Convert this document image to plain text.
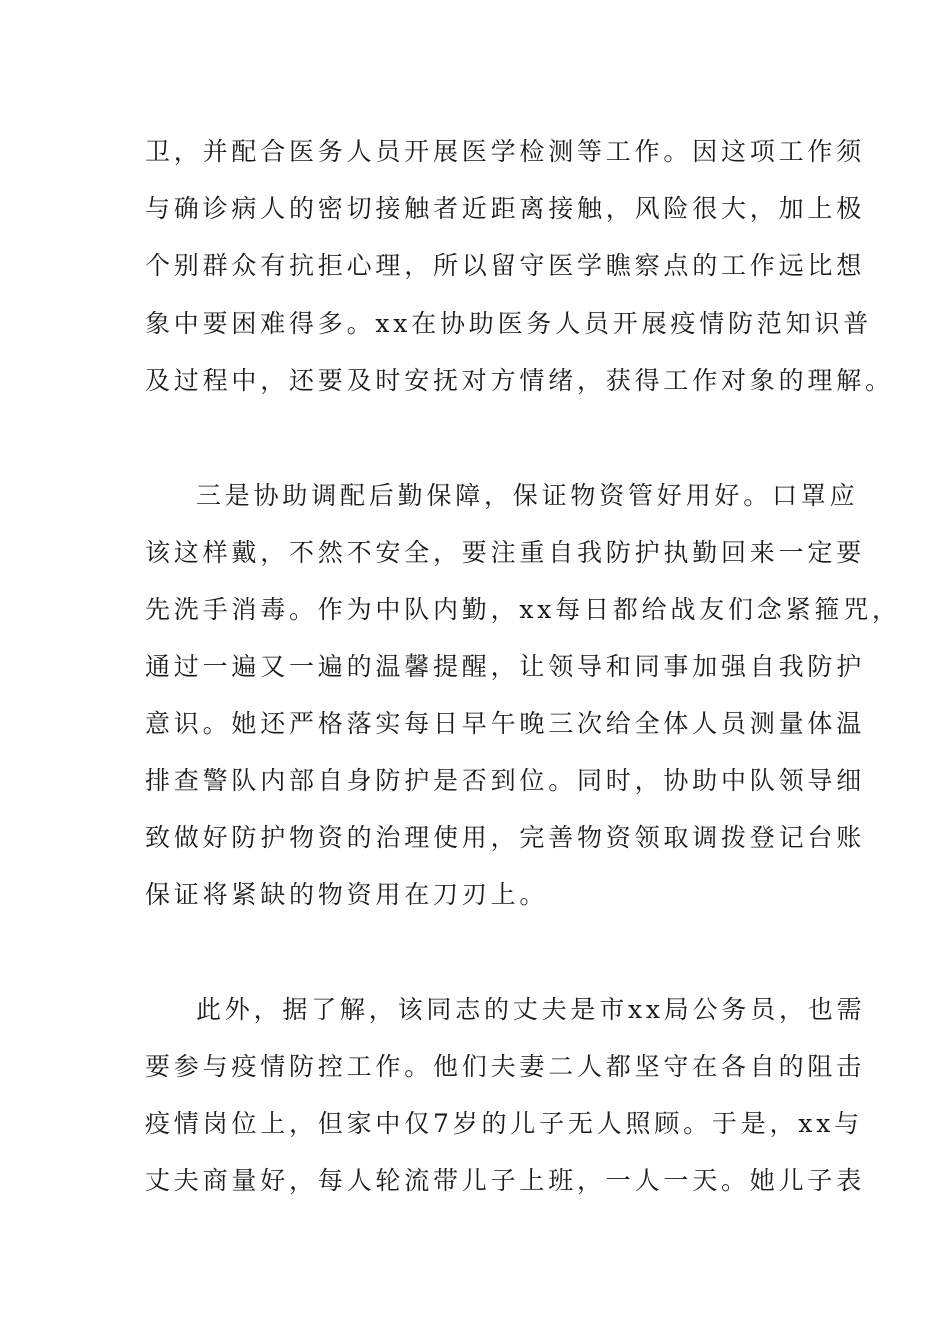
卫，并配合医务人员开展医学检测等工作。因这项工作须
与确诊病人的密切接触者近距离接触，风险很大，加上极
个别群众有抗拒心理，所以留守医学瞧察点的工作远比想
象中要困难得多。xx在协助医务人员开展疫情防范知识普
及过程中，还要及时安抚对方情绪，获得工作对象的理解。
三是协助调配后勤保障，保证物资管好用好。口罩应
该这样戴，不然不安全，要注重自我防护执勤回来一定要
先洗手消毒。作为中队内勤，xx每日都给战友们念紧箍咒，
通过一遍又一遍的温馨提醒，让领导和同事加强自我防护
意识。她还严格落实每日早午晚三次给全体人员测量体温
排查警队内部自身防护是否到位。同时，协助中队领导细
致做好防护物资的治理使用，完善物资领取调拨登记台账
保证将紧缺的物资用在刀刃上。
此外，据了解，该同志的丈夫是市xx局公务员，也需
要参与疫情防控工作。他们夫妻二人都坚守在各自的阻击
疫情岗位上，但家中仅7岁的儿子无人照顾。于是，xx与
丈夫商量好，每人轮流带儿子上班，一人一天。她儿子表
